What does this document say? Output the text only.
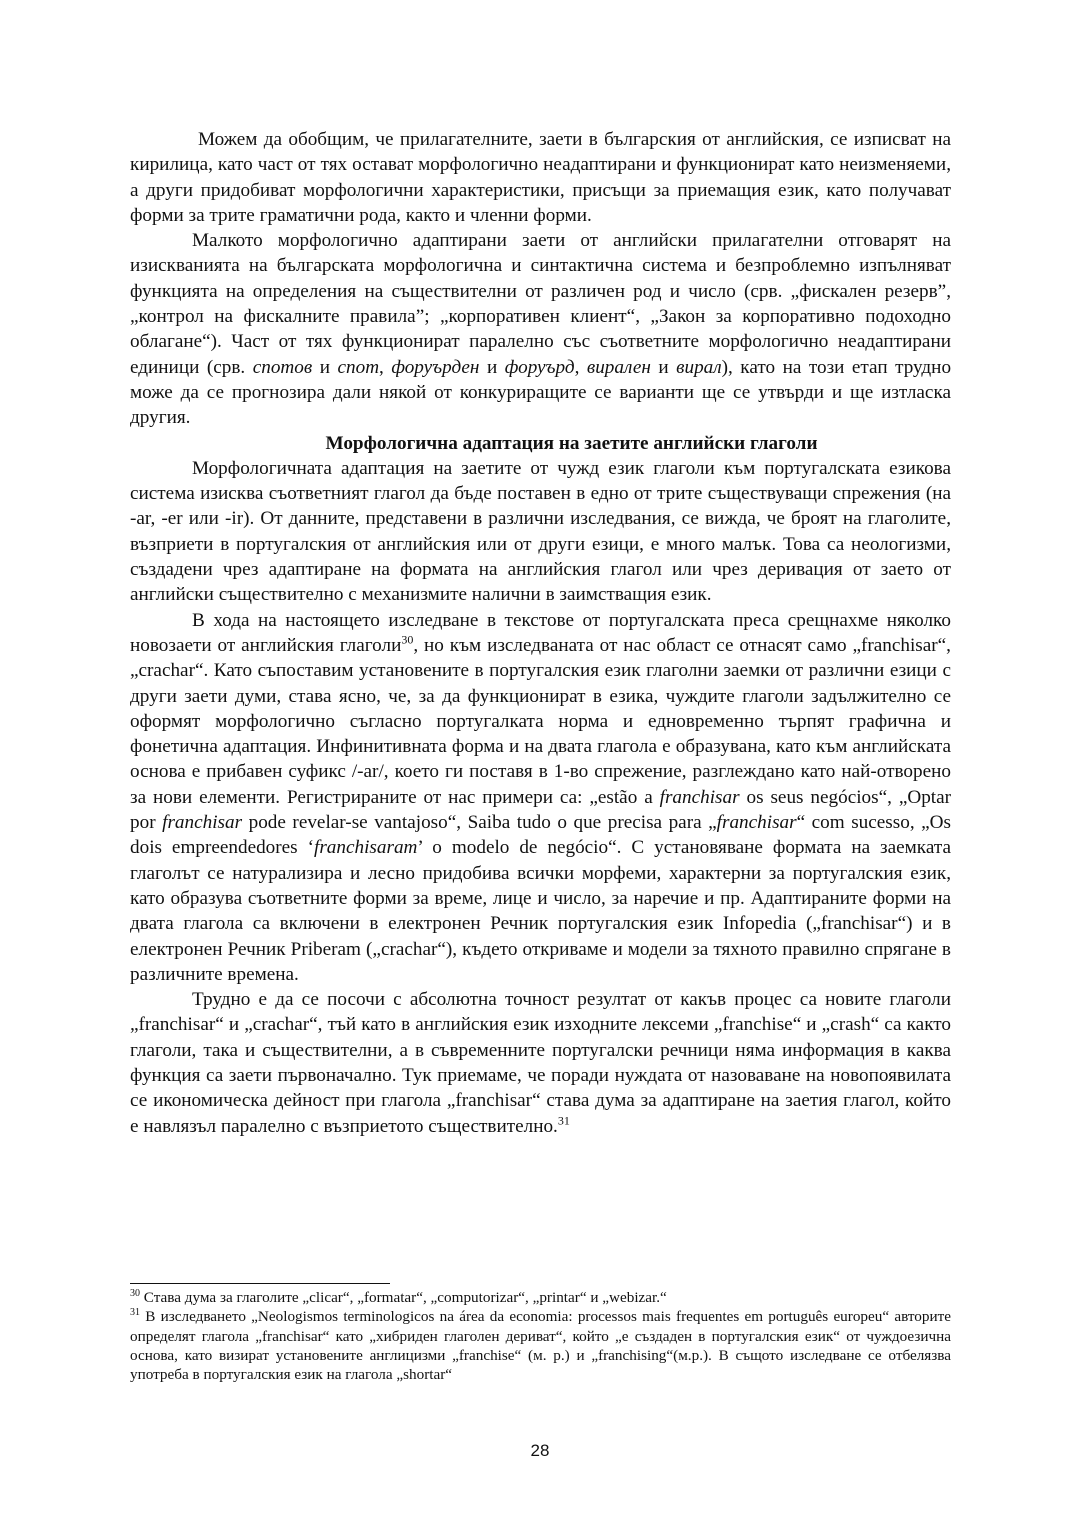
Можем да обобщим, че прилагателните, заети в българския от английския, се изписват на кирилица, като част от тях остават морфологично неадаптирани и функционират като неизменяеми, а други придобиват морфологични характеристики, присъщи за приемащия език, като получават форми за трите граматични рода, както и членни форми.

Малкото морфологично адаптирани заети от английски прилагателни отговарят на изискванията на българската морфологична и синтактична система и безпроблемно изпълняват функцията на определения на съществителни от различен род и число (срв. „фискален резерв”, „контрол на фискалните правила”; „корпоративен клиент“, „Закон за корпоративно подоходно облагане“). Част от тях функционират паралелно със съответните морфологично неадаптирани единици (срв. спотов и спот, форуърден и форуърд, вирален и вирал), като на този етап трудно може да се прогнозира дали някой от конкуриращите се варианти ще се утвърди и ще изтласка другия.

Морфологична адаптация на заетите английски глаголи

Морфологичната адаптация на заетите от чужд език глаголи към португалската езикова система изисква съответният глагол да бъде поставен в едно от трите съществуващи спрежения (на -ar, -er или -ir). От данните, представени в различни изследвания, се вижда, че броят на глаголите, възприети в португалския от английския или от други езици, е много малък. Това са неологизми, създадени чрез адаптиране на формата на английския глагол или чрез деривация от заето от английски съществително с механизмите налични в заимстващия език.

В хода на настоящето изследване в текстове от португалската преса срещнахме няколко новозаети от английския глаголи$^{30}$, но към изследваната от нас област се отнасят само „franchisar“, „crachar“. Като съпоставим установените в португалския език глаголни заемки от различни езици с други заети думи, става ясно, че, за да функционират в езика, чуждите глаголи задължително се оформят морфологично съгласно португалката норма и едновременно търпят графична и фонетична адаптация. Инфинитивната форма и на двата глагола е образувана, като към английската основа е прибавен суфикс /-ar/, което ги поставя в 1-во спрежение, разглеждано като най-отворено за нови елементи. Регистрираните от нас примери са: „estão a franchisar os seus negócios“, „Optar por franchisar pode revelar-se vantajoso“, Saiba tudo o que precisa para „franchisar“ com sucesso, „Os dois empreendedores ‘franchisaram’ o modelo de negócio“. С установяване формата на заемката глаголът се натурализира и лесно придобива всички морфеми, характерни за португалския език, като образува съответните форми за време, лице и число, за наречие и пр. Адаптираните форми на двата глагола са включени в електронен Речник португалския език Infopedia („franchisar“) и в електронен Речник Priberam („crachar“), където откриваме и модели за тяхното правилно спрягане в различните времена.

Трудно е да се посочи с абсолютна точност резултат от какъв процес са новите глаголи „franchisar“ и „crachar“, тъй като в английския език изходните лексеми „franchise“ и „crash“ са както глаголи, така и съществителни, а в съвременните португалски речници няма информация в каква функция са заети първоначално. Тук приемаме, че поради нуждата от назоваване на новопоявилата се икономическа дейност при глагола „franchisar“ става дума за адаптиране на заетия глагол, който е навлязъл паралелно с възприетото съществително.$^{31}$

$^{30}$ Става дума за глаголите „clicar“, „formatar“, „computorizar“, „printar“ и „webizar.“

$^{31}$ В изследването „Neologismos terminologicos na área da economia: processos mais frequentes em português europeu“ авторите определят глагола „franchisar“ като „хибриден глаголен дериват“, който „е създаден в португалския език“ от чуждоезична основа, като визират установените англицизми „franchise“ (м. р.) и „franchising“(м.р.). В същото изследване се отбелязва употреба в португалския език на глагола „shortar“

28
